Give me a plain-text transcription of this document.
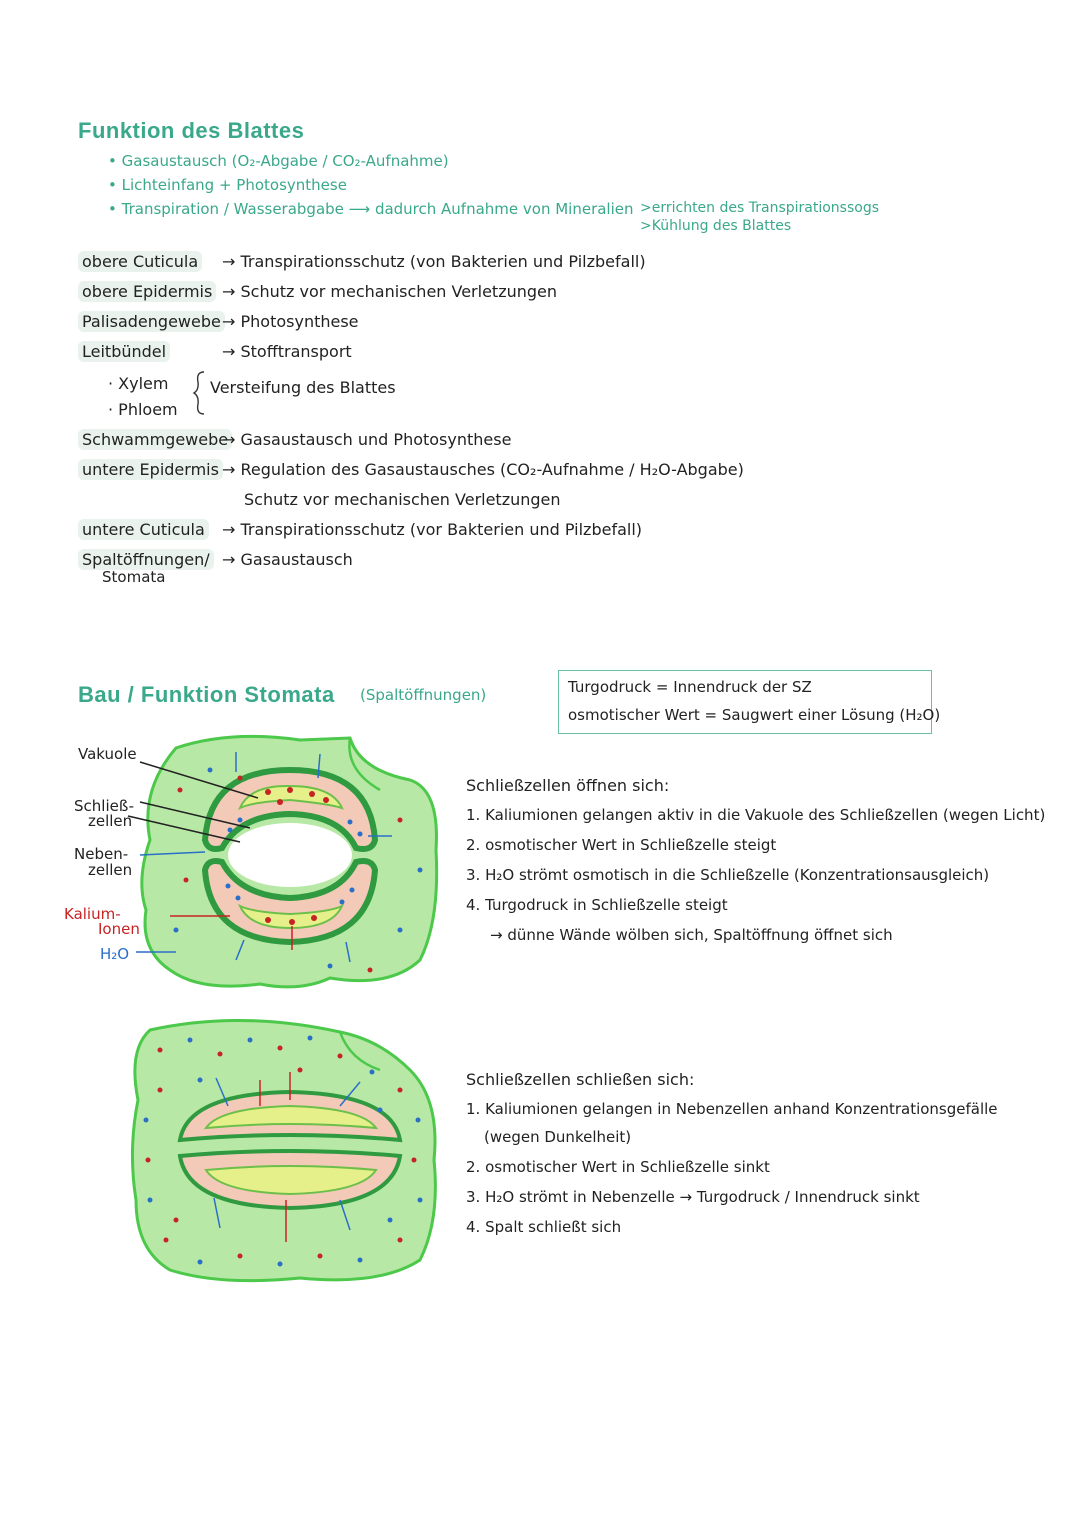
Funktion des Blattes
• Gasaustausch (O₂-Abgabe / CO₂-Aufnahme)
• Lichteinfang + Photosynthese
• Transpiration / Wasserabgabe ⟶ dadurch Aufnahme von Mineralien >errichten des Transpirationssogs
>Kühlung des Blattes
obere Cuticula → Transpirationsschutz (von Bakterien und Pilzbefall)
obere Epidermis → Schutz vor mechanischen Verletzungen
Palisadengewebe → Photosynthese
Leitbündel	→ Stofftransport
· Xylem
· Phloem
Versteifung des Blattes
Schwammgewebe
→ Gasaustausch und Photosynthese
untere Epidermis → Regulation des Gasaustausches (CO₂-Aufnahme / H₂O-Abgabe)
Schutz vor mechanischen Verletzungen
untere Cuticula → Transpirationsschutz (vor Bakterien und Pilzbefall)
Spaltöffnungen/ → Gasaustausch
Stomata
Bau / Funktion Stomata (Spaltöffnungen)	Turgodruck = Innendruck der SZ
osmotischer Wert = Saugwert einer Lösung (H₂O)
Vakuole
Schließ-
zellen
Neben-
zellen
Kalium-
Ionen
H₂O
Schließzellen öffnen sich:
1. Kaliumionen gelangen aktiv in die Vakuole des Schließzellen (wegen Licht)
2. osmotischer Wert in Schließzelle steigt
3. H₂O strömt osmotisch in die Schließzelle (Konzentrationsausgleich)
4. Turgodruck in Schließzelle steigt
→ dünne Wände wölben sich, Spaltöffnung öffnet sich
Schließzellen schließen sich:
1. Kaliumionen gelangen in Nebenzellen anhand Konzentrationsgefälle
(wegen Dunkelheit)
2. osmotischer Wert in Schließzelle sinkt
3. H₂O strömt in Nebenzelle → Turgodruck / Innendruck sinkt
4. Spalt schließt sich
